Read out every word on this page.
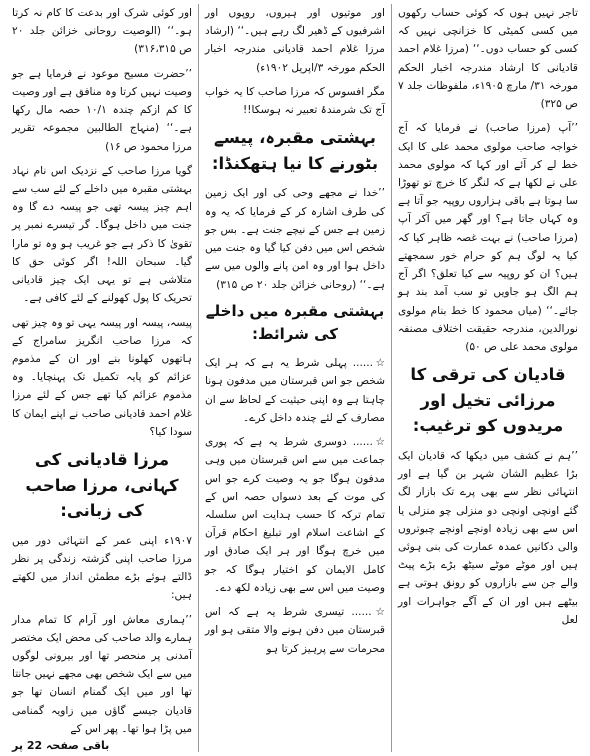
اور کوئی شرک اور بدعت کا کام نہ کرتا ہو۔‘‘ (الوصیت روحانی خزائن جلد ۲۰ ص ۳۱۶،۳۱۵)

’’حضرت مسیح موعود نے فرمایا ہے جو وصیت نہیں کرتا وہ منافق ہے اور وصیت کا کم ازکم چندہ ۱۰/۱ حصہ مال رکھا ہے۔‘‘ (منہاج الطالبین مجموعہ تقریر مرزا محمود ص ۱۶)

گویا مرزا صاحب کے نزدیک اس نام نہاد بہشتی مقبرہ میں داخلے کے لئے سب سے اہم چیز پیسہ تھی جو پیسہ دے گا وہ جنت میں داخل ہوگا۔ گر تیسرے نمبر پر تقویٰ کا ذکر ہے جو غریب ہو وہ تو مارا گیا۔ سبحان اللہ! اگر کوئی حق کا متلاشی ہے تو یہی ایک چیز قادیانی تحریک کا پول کھولنے کے لئے کافی ہے۔

پیسہ، پیسہ اور پیسہ یہی تو وہ چیز تھی کہ مرزا صاحب انگریز سامراج کے ہاتھوں کھلونا بنے اور ان کے مذموم عزائم کو پایہ تکمیل تک پہنچایا۔ وہ مذموم عزائم کیا تھے جس کے لئے مرزا غلام احمد قادیانی صاحب نے اپنے ایمان کا سودا کیا؟

مرزا قادیانی کی کہانی، مرزا صاحب کی زبانی:

۱۹۰۷ء اپنی عمر کے انتہائی دور میں مرزا صاحب اپنی گزشتہ زندگی پر نظر ڈالتے ہوئے بڑے مطمئن انداز میں لکھتے ہیں:

’’ہماری معاش اور آرام کا تمام مدار ہمارے والد صاحب کی محض ایک مختصر آمدنی پر منحصر تھا اور بیرونی لوگوں میں سے ایک شخص بھی مجھے نہیں جانتا تھا اور میں ایک گمنام انسان تھا جو قادیان جیسے گاؤں میں زاویہ گمنامی میں پڑا ہوا تھا۔ پھر اس کے

اور موتیوں اور ہیروں، روپوں اور اشرفیوں کے ڈھیر لگ رہے ہیں۔‘‘ (ارشاد مرزا غلام احمد قادیانی مندرجہ اخبار الحکم مورخہ ۳/اپریل ۱۹۰۲ء)

مگر افسوس کہ مرزا صاحب کا یہ خواب آج تک شرمندۂ تعبیر نہ ہوسکا!!

بہشتی مقبرہ، پیسے بٹورنے کا نیا ہتھکنڈا:

’’خدا نے مجھے وحی کی اور ایک زمین کی طرف اشارہ کر کے فرمایا کہ یہ وہ زمین ہے جس کے نیچے جنت ہے۔ بس جو شخص اس میں دفن کیا گیا وہ جنت میں داخل ہوا اور وہ امن پانے والوں میں سے ہے۔‘‘ (روحانی خزائن جلد ۲۰ ص ۳۱۵)

بہشتی مقبرہ میں داخلے کی شرائط:

☆...... پہلی شرط یہ ہے کہ ہر ایک شخص جو اس قبرستان میں مدفون ہونا چاہتا ہے وہ اپنی حیثیت کے لحاظ سے ان مصارف کے لئے چندہ داخل کرے۔

☆...... دوسری شرط یہ ہے کہ پوری جماعت میں سے اس قبرستان میں وہی مدفون ہوگا جو یہ وصیت کرے جو اس کی موت کے بعد دسواں حصہ اس کے تمام ترکہ کا حسب ہدایت اس سلسلہ کے اشاعت اسلام اور تبلیغ احکام قرآن میں خرچ ہوگا اور ہر ایک صادق اور کامل الایمان کو اختیار ہوگا کہ جو وصیت میں اس سے بھی زیادہ لکھ دے۔

☆...... تیسری شرط یہ ہے کہ اس قبرستان میں دفن ہونے والا متقی ہو اور محرمات سے پرہیز کرتا ہو

تاجر نہیں ہوں کہ کوئی حساب رکھوں میں کسی کمیٹی کا خزانچی نہیں کہ کسی کو حساب دوں۔‘‘ (مرزا غلام احمد قادیانی کا ارشاد مندرجہ اخبار الحکم مورخہ ۳۱/ مارچ ۱۹۰۵ء، ملفوظات جلد ۷ ص ۳۲۵)

’’آپ (مرزا صاحب) نے فرمایا کہ آج خواجہ صاحب مولوی محمد علی کا ایک خط لے کر آئے اور کہا کہ مولوی محمد علی نے لکھا ہے کہ لنگر کا خرچ تو تھوڑا سا ہوتا ہے باقی ہزاروں روپیہ جو آتا ہے وہ کہاں جاتا ہے؟ اور گھر میں آکر آپ (مرزا صاحب) نے بہت غصہ ظاہر کیا کہ کیا یہ لوگ ہم کو حرام خور سمجھتے ہیں؟ ان کو روپیہ سے کیا تعلق؟ اگر آج ہم الگ ہو جاویں تو سب آمد بند ہو جائے۔‘‘ (میاں محمود کا خط بنام مولوی نورالدین، مندرجہ حقیقت اختلاف مصنفہ مولوی محمد علی ص ۵۰)

قادیان کی ترقی کا مرزائی تخیل اور مریدوں کو ترغیب:

’’ہم نے کشف میں دیکھا کہ قادیان ایک بڑا عظیم الشان شہر بن گیا ہے اور انتہائی نظر سے بھی پرے تک بازار لگ گئے اونچی اونچی دو منزلی چو منزلی یا اس سے بھی زیادہ اونچے اونچے چبوتروں والی دکانیں عمدہ عمارت کی بنی ہوئی ہیں اور موٹے موٹے سیٹھ بڑے بڑے پیٹ والے جن سے بازاروں کو رونق ہوتی ہے بیٹھے ہیں اور ان کے آگے جواہرات اور لعل

باقی صفحہ 22 پر
